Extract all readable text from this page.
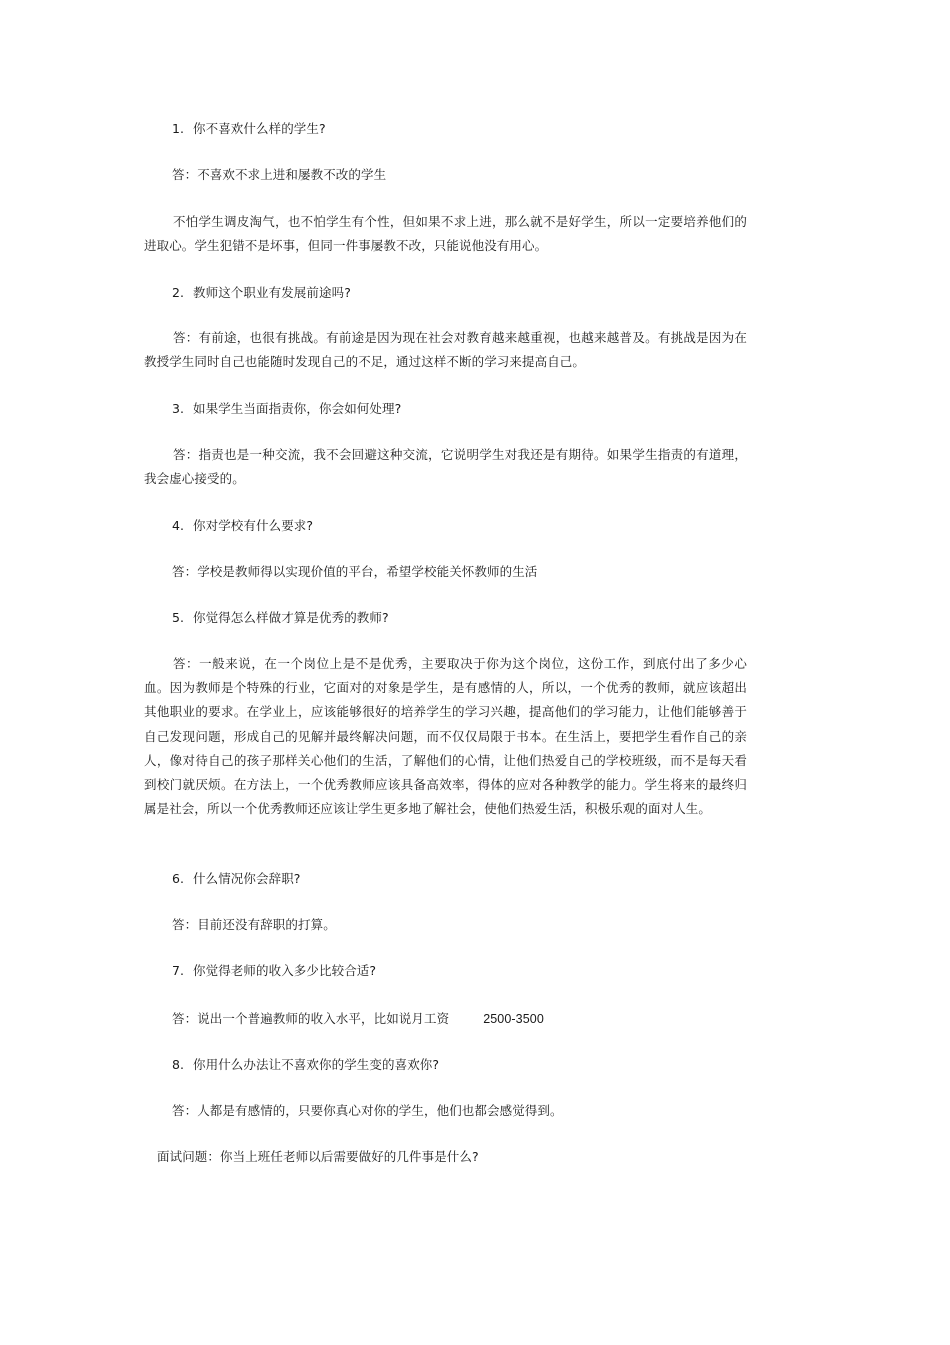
1. 你不喜欢什么样的学生?
答：不喜欢不求上进和屡教不改的学生
不怕学生调皮淘气，也不怕学生有个性，但如果不求上进，那么就不是好学生，所以一定要培养他们的进取心。学生犯错不是坏事，但同一件事屡教不改，只能说他没有用心。
2. 教师这个职业有发展前途吗?
答：有前途，也很有挑战。有前途是因为现在社会对教育越来越重视，也越来越普及。有挑战是因为在教授学生同时自己也能随时发现自己的不足，通过这样不断的学习来提高自己。
3. 如果学生当面指责你，你会如何处理?
答：指责也是一种交流，我不会回避这种交流，它说明学生对我还是有期待。如果学生指责的有道理，我会虚心接受的。
4. 你对学校有什么要求?
答：学校是教师得以实现价值的平台，希望学校能关怀教师的生活
5. 你觉得怎么样做才算是优秀的教师?
答：一般来说，在一个岗位上是不是优秀，主要取决于你为这个岗位，这份工作，到底付出了多少心血。因为教师是个特殊的行业，它面对的对象是学生，是有感情的人，所以，一个优秀的教师，就应该超出其他职业的要求。在学业上，应该能够很好的培养学生的学习兴趣，提高他们的学习能力，让他们能够善于自己发现问题，形成自己的见解并最终解决问题，而不仅仅局限于书本。在生活上，要把学生看作自己的亲人，像对待自己的孩子那样关心他们的生活，了解他们的心情，让他们热爱自己的学校班级，而不是每天看到校门就厌烦。在方法上，一个优秀教师应该具备高效率，得体的应对各种教学的能力。学生将来的最终归属是社会，所以一个优秀教师还应该让学生更多地了解社会，使他们热爱生活，积极乐观的面对人生。
6. 什么情况你会辞职?
答：目前还没有辞职的打算。
7. 你觉得老师的收入多少比较合适?
答：说出一个普遍教师的收入水平，比如说月工资	2500-3500
8. 你用什么办法让不喜欢你的学生变的喜欢你?
答：人都是有感情的，只要你真心对你的学生，他们也都会感觉得到。
面试问题：你当上班任老师以后需要做好的几件事是什么?
